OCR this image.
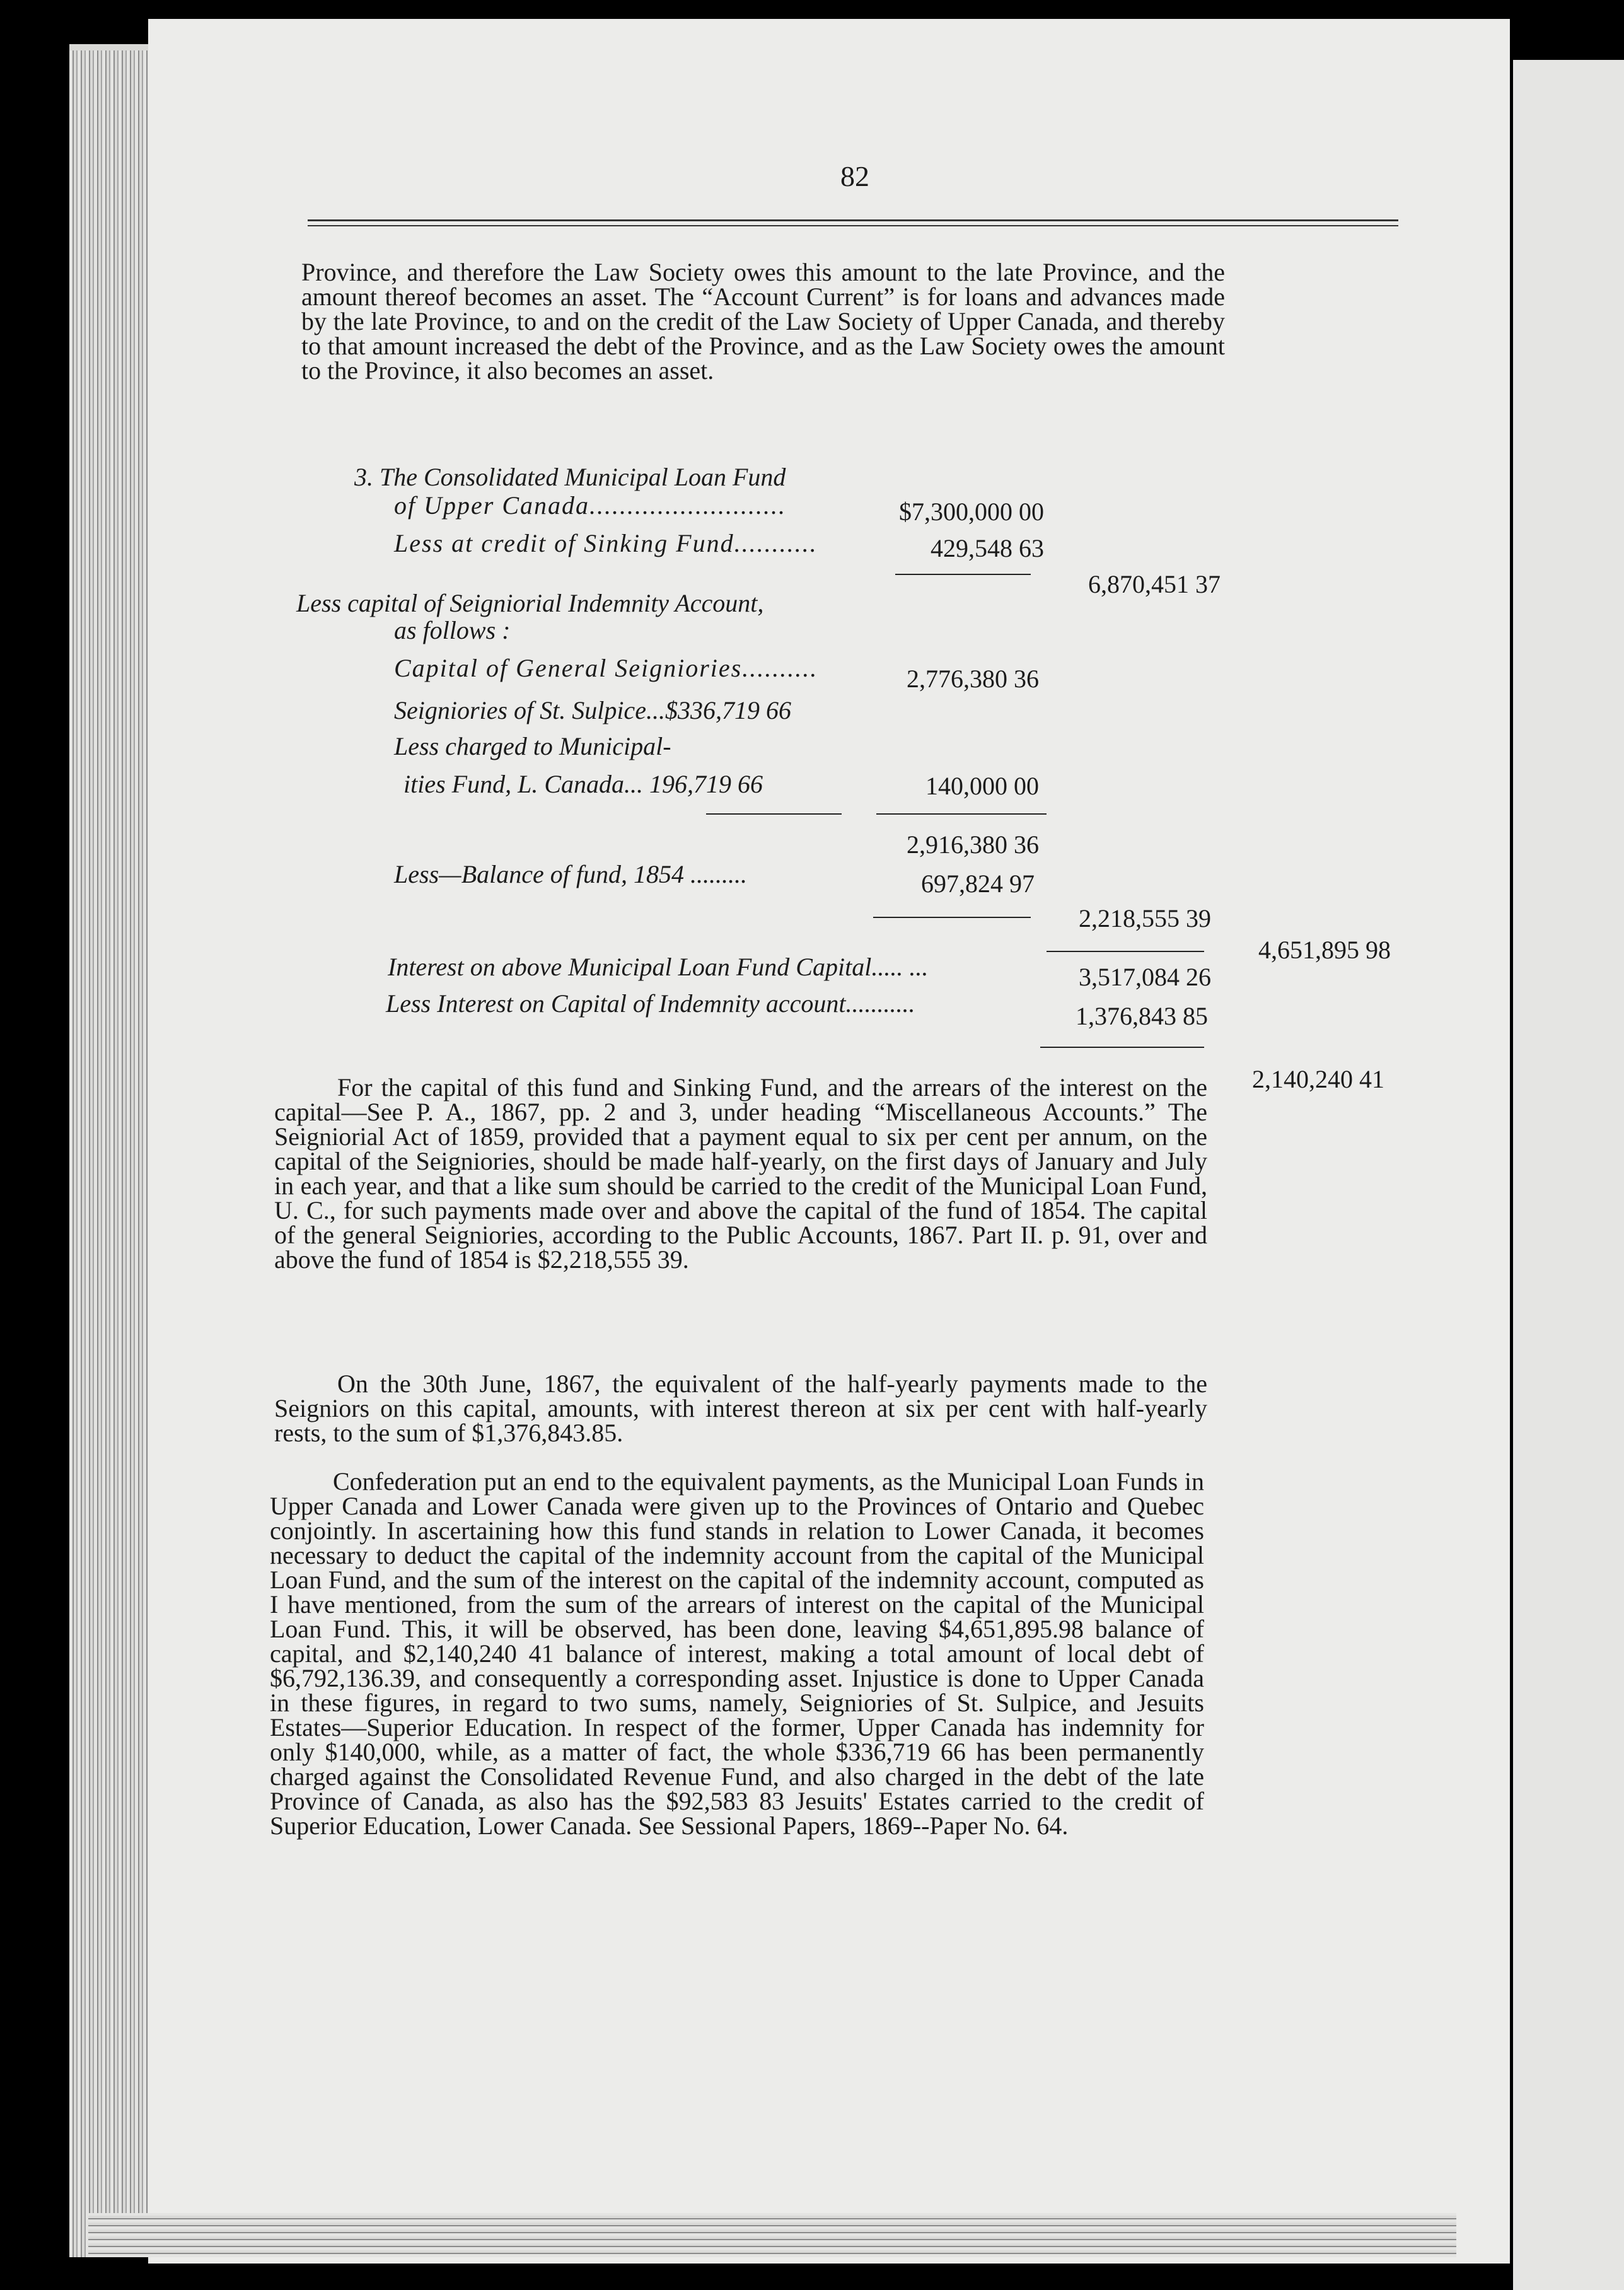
82
Province, and therefore the Law Society owes this amount to the late Province, and the amount thereof becomes an asset. The “Account Current” is for loans and advances made by the late Province, to and on the credit of the Law Society of Upper Canada, and thereby to that amount increased the debt of the Province, and as the Law Society owes the amount to the Province, it also becomes an asset.
3. The Consolidated Municipal Loan Fund
of Upper Canada..........................	$7,300,000 00
Less at credit of Sinking Fund...........	429,548 63
6,870,451 37
Less capital of Seigniorial Indemnity Account,
as follows :
Capital of General Seigniories..........	2,776,380 36
Seigniories of St. Sulpice...$336,719 66
Less charged to Municipal-
ities Fund, L. Canada... 196,719 66	140,000 00
2,916,380 36
Less—Balance of fund, 1854 .........	697,824 97
2,218,555 39
4,651,895 98
Interest on above Municipal Loan Fund Capital..... ...	3,517,084 26
Less Interest on Capital of Indemnity account...........	1,376,843 85
2,140,240 41
For the capital of this fund and Sinking Fund, and the arrears of the interest on the capital—See P. A., 1867, pp. 2 and 3, under heading “Miscellaneous Accounts.” The Seigniorial Act of 1859, provided that a payment equal to six per cent per annum, on the capital of the Seigniories, should be made half-yearly, on the first days of January and July in each year, and that a like sum should be carried to the credit of the Municipal Loan Fund, U. C., for such payments made over and above the capital of the fund of 1854. The capital of the general Seigniories, according to the Public Accounts, 1867. Part II. p. 91, over and above the fund of 1854 is $2,218,555 39.
On the 30th June, 1867, the equivalent of the half-yearly payments made to the Seigniors on this capital, amounts, with interest thereon at six per cent with half-yearly rests, to the sum of $1,376,843.85.
Confederation put an end to the equivalent payments, as the Municipal Loan Funds in Upper Canada and Lower Canada were given up to the Provinces of Ontario and Quebec conjointly. In ascertaining how this fund stands in relation to Lower Canada, it becomes necessary to deduct the capital of the indemnity account from the capital of the Municipal Loan Fund, and the sum of the interest on the capital of the indemnity account, computed as I have mentioned, from the sum of the arrears of interest on the capital of the Municipal Loan Fund. This, it will be observed, has been done, leaving $4,651,895.98 balance of capital, and $2,140,240 41 balance of interest, making a total amount of local debt of $6,792,136.39, and consequently a corresponding asset. Injustice is done to Upper Canada in these figures, in regard to two sums, namely, Seigniories of St. Sulpice, and Jesuits Estates—Superior Education. In respect of the former, Upper Canada has indemnity for only $140,000, while, as a matter of fact, the whole $336,719 66 has been permanently charged against the Consolidated Revenue Fund, and also charged in the debt of the late Province of Canada, as also has the $92,583 83 Jesuits' Estates carried to the credit of Superior Education, Lower Canada. See Sessional Papers, 1869--Paper No. 64.
